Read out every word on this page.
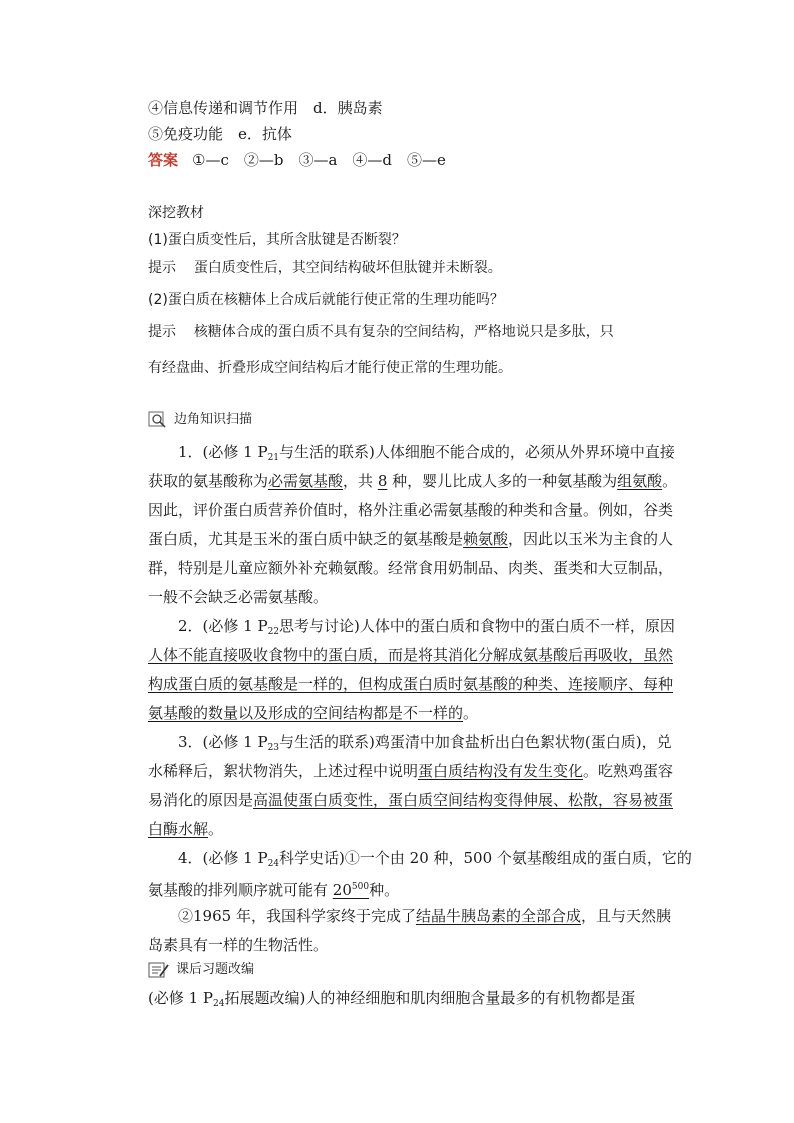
④信息传递和调节作用　d．胰岛素
⑤免疫功能　e．抗体
答案 ①—c　②—b　③—a　④—d　⑤—e
深挖教材
(1)蛋白质变性后，其所含肽键是否断裂？
提示 蛋白质变性后，其空间结构破坏但肽键并未断裂。
(2)蛋白质在核糖体上合成后就能行使正常的生理功能吗？
提示 核糖体合成的蛋白质不具有复杂的空间结构，严格地说只是多肽，只
有经盘曲、折叠形成空间结构后才能行使正常的生理功能。
边角知识扫描
1．(必修 1 $P_{21}$与生活的联系)人体细胞不能合成的，必须从外界环境中直接
获取的氨基酸称为必需氨基酸，共 8 种，婴儿比成人多的一种氨基酸为组氨酸。
因此，评价蛋白质营养价值时，格外注重必需氨基酸的种类和含量。例如，谷类
蛋白质，尤其是玉米的蛋白质中缺乏的氨基酸是赖氨酸，因此以玉米为主食的人
群，特别是儿童应额外补充赖氨酸。经常食用奶制品、肉类、蛋类和大豆制品，
一般不会缺乏必需氨基酸。
2．(必修 1 $P_{22}$思考与讨论)人体中的蛋白质和食物中的蛋白质不一样，原因
人体不能直接吸收食物中的蛋白质，而是将其消化分解成氨基酸后再吸收，虽然
构成蛋白质的氨基酸是一样的，但构成蛋白质时氨基酸的种类、连接顺序、每种
氨基酸的数量以及形成的空间结构都是不一样的。
3．(必修 1 $P_{23}$与生活的联系)鸡蛋清中加食盐析出白色絮状物(蛋白质)，兑
水稀释后，絮状物消失，上述过程中说明蛋白质结构没有发生变化。吃熟鸡蛋容
易消化的原因是高温使蛋白质变性，蛋白质空间结构变得伸展、松散，容易被蛋
白酶水解。
4．(必修 1 $P_{24}$科学史话)①一个由 20 种，500 个氨基酸组成的蛋白质，它的
氨基酸的排列顺序就可能有 $20^{500}$种。
②1965 年，我国科学家终于完成了结晶牛胰岛素的全部合成，且与天然胰
岛素具有一样的生物活性。
课后习题改编
(必修 1 $P_{24}$拓展题改编)人的神经细胞和肌肉细胞含量最多的有机物都是蛋
